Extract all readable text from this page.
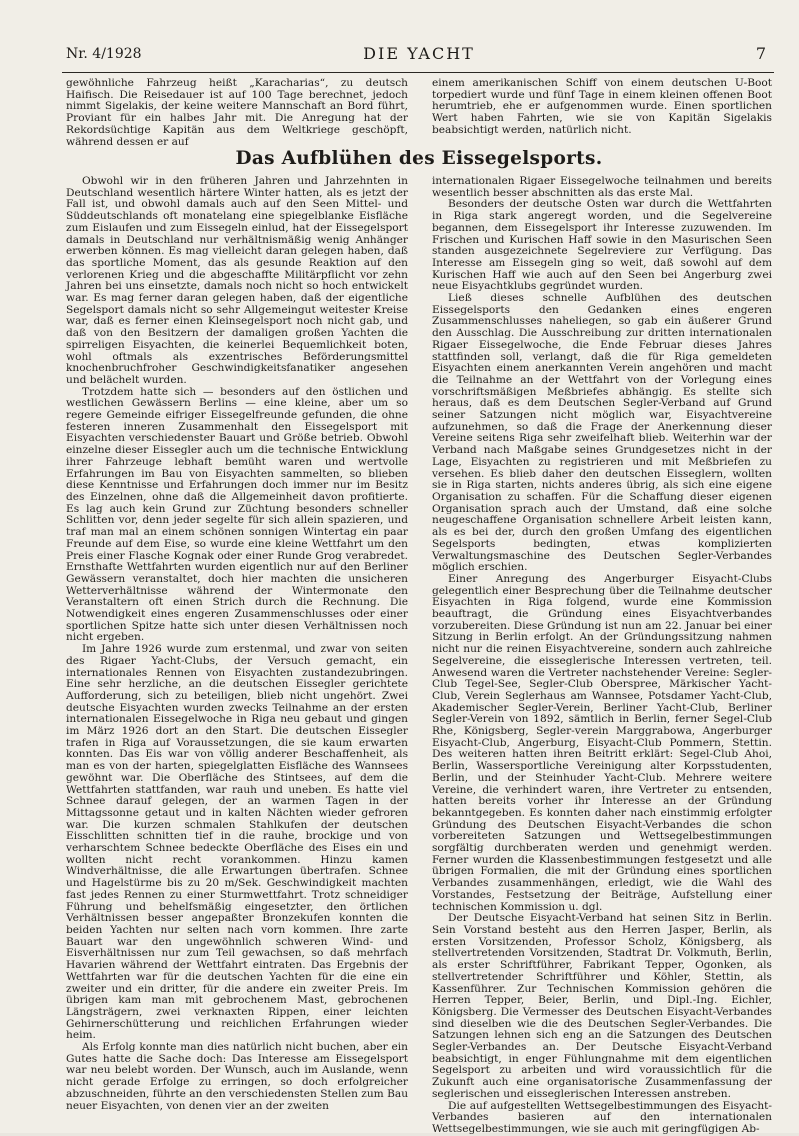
Nr. 4/1928	DIE YACHT	7

gewöhnliche Fahrzeug heißt „Karacharias“, zu deutsch Haifisch. Die Reisedauer ist auf 100 Tage berechnet, jedoch nimmt Sigelakis, der keine weitere Mannschaft an Bord führt, Proviant für ein halbes Jahr mit. Die Anregung hat der Rekordsüchtige Kapitän aus dem Weltkriege geschöpft, während dessen er auf

einem amerikanischen Schiff von einem deutschen U-Boot torpediert wurde und fünf Tage in einem kleinen offenen Boot herumtrieb, ehe er aufgenommen wurde. Einen sportlichen Wert haben Fahrten, wie sie von Kapitän Sigelakis beabsichtigt werden, natürlich nicht.

Das Aufblühen des Eissegelsports.

Obwohl wir in den früheren Jahren und Jahrzehnten in Deutschland wesentlich härtere Winter hatten, als es jetzt der Fall ist, und obwohl damals auch auf den Seen Mittel- und Süddeutschlands oft monatelang eine spiegelblanke Eisfläche zum Eislaufen und zum Eissegeln einlud, hat der Eissegelsport damals in Deutschland nur verhältnismäßig wenig Anhänger erwerben können. Es mag vielleicht daran gelegen haben, daß das sportliche Moment, das als gesunde Reaktion auf den verlorenen Krieg und die abgeschaffte Militärpflicht vor zehn Jahren bei uns einsetzte, damals noch nicht so hoch entwickelt war. Es mag ferner daran gelegen haben, daß der eigentliche Segelsport damals nicht so sehr Allgemeingut weitester Kreise war, daß es ferner einen Kleinsegelsport noch nicht gab, und daß von den Besitzern der damaligen großen Yachten die spirreligen Eisyachten, die keinerlei Bequemlichkeit boten, wohl oftmals als exzentrisches Beförderungsmittel knochenbruchfroher Geschwindigkeitsfanatiker angesehen und belächelt wurden.

Trotzdem hatte sich — besonders auf den östlichen und westlichen Gewässern Berlins — eine kleine, aber um so regere Gemeinde eifriger Eissegelfreunde gefunden, die ohne festeren inneren Zusammenhalt den Eissegelsport mit Eisyachten verschiedenster Bauart und Größe betrieb. Obwohl einzelne dieser Eissegler auch um die technische Entwicklung ihrer Fahrzeuge lebhaft bemüht waren und wertvolle Erfahrungen im Bau von Eisyachten sammelten, so blieben diese Kenntnisse und Erfahrungen doch immer nur im Besitz des Einzelnen, ohne daß die Allgemeinheit davon profitierte. Es lag auch kein Grund zur Züchtung besonders schneller Schlitten vor, denn jeder segelte für sich allein spazieren, und traf man mal an einem schönen sonnigen Wintertag ein paar Freunde auf dem Eise, so wurde eine kleine Wettfahrt um den Preis einer Flasche Kognak oder einer Runde Grog verabredet. Ernsthafte Wettfahrten wurden eigentlich nur auf den Berliner Gewässern veranstaltet, doch hier machten die unsicheren Wetterverhältnisse während der Wintermonate den Veranstaltern oft einen Strich durch die Rechnung. Die Notwendigkeit eines engeren Zusammenschlusses oder einer sportlichen Spitze hatte sich unter diesen Verhältnissen noch nicht ergeben.

Im Jahre 1926 wurde zum erstenmal, und zwar von seiten des Rigaer Yacht-Clubs, der Versuch gemacht, ein internationales Rennen von Eisyachten zustandezubringen. Eine sehr herzliche, an die deutschen Eissegler gerichtete Aufforderung, sich zu beteiligen, blieb nicht ungehört. Zwei deutsche Eisyachten wurden zwecks Teilnahme an der ersten internationalen Eissegelwoche in Riga neu gebaut und gingen im März 1926 dort an den Start. Die deutschen Eissegler trafen in Riga auf Voraussetzungen, die sie kaum erwarten konnten. Das Eis war von völlig anderer Beschaffenheit, als man es von der harten, spiegelglatten Eisfläche des Wannsees gewöhnt war. Die Oberfläche des Stintsees, auf dem die Wettfahrten stattfanden, war rauh und uneben. Es hatte viel Schnee darauf gelegen, der an warmen Tagen in der Mittagssonne getaut und in kalten Nächten wieder gefroren war. Die kurzen schmalen Stahlkufen der deutschen Eisschlitten schnitten tief in die rauhe, brockige und von verharschtem Schnee bedeckte Oberfläche des Eises ein und wollten nicht recht vorankommen. Hinzu kamen Windverhältnisse, die alle Erwartungen übertrafen. Schnee und Hagelstürme bis zu 20 m/Sek. Geschwindigkeit machten fast jedes Rennen zu einer Sturmwettfahrt. Trotz schneidiger Führung und behelfsmäßig eingesetzter, den örtlichen Verhältnissen besser angepaßter Bronzekufen konnten die beiden Yachten nur selten nach vorn kommen. Ihre zarte Bauart war den ungewöhnlich schweren Wind- und Eisverhältnissen nur zum Teil gewachsen, so daß mehrfach Havarien während der Wettfahrt eintraten. Das Ergebnis der Wettfahrten war für die deutschen Yachten für die eine ein zweiter und ein dritter, für die andere ein zweiter Preis. Im übrigen kam man mit gebrochenem Mast, gebrochenen Längsträgern, zwei verknaxten Rippen, einer leichten Gehirnerschütterung und reichlichen Erfahrungen wieder heim.

Als Erfolg konnte man dies natürlich nicht buchen, aber ein Gutes hatte die Sache doch: Das Interesse am Eissegelsport war neu belebt worden. Der Wunsch, auch im Auslande, wenn nicht gerade Erfolge zu erringen, so doch erfolgreicher abzuschneiden, führte an den verschiedensten Stellen zum Bau neuer Eisyachten, von denen vier an der zweiten

internationalen Rigaer Eissegelwoche teilnahmen und bereits wesentlich besser abschnitten als das erste Mal.

Besonders der deutsche Osten war durch die Wettfahrten in Riga stark angeregt worden, und die Segelvereine begannen, dem Eissegelsport ihr Interesse zuzuwenden. Im Frischen und Kurischen Haff sowie in den Masurischen Seen standen ausgezeichnete Segelreviere zur Verfügung. Das Interesse am Eissegeln ging so weit, daß sowohl auf dem Kurischen Haff wie auch auf den Seen bei Angerburg zwei neue Eisyachtklubs gegründet wurden.

Ließ dieses schnelle Aufblühen des deutschen Eissegelsports den Gedanken eines engeren Zusammenschlusses naheliegen, so gab ein äußerer Grund den Ausschlag. Die Ausschreibung zur dritten internationalen Rigaer Eissegelwoche, die Ende Februar dieses Jahres stattfinden soll, verlangt, daß die für Riga gemeldeten Eisyachten einem anerkannten Verein angehören und macht die Teilnahme an der Wettfahrt von der Vorlegung eines vorschriftsmäßigen Meßbriefes abhängig. Es stellte sich heraus, daß es dem Deutschen Segler-Verband auf Grund seiner Satzungen nicht möglich war, Eisyachtvereine aufzunehmen, so daß die Frage der Anerkennung dieser Vereine seitens Riga sehr zweifelhaft blieb. Weiterhin war der Verband nach Maßgabe seines Grundgesetzes nicht in der Lage, Eisyachten zu registrieren und mit Meßbriefen zu versehen. Es blieb daher den deutschen Eisseglern, wollten sie in Riga starten, nichts anderes übrig, als sich eine eigene Organisation zu schaffen. Für die Schaffung dieser eigenen Organisation sprach auch der Umstand, daß eine solche neugeschaffene Organisation schnellere Arbeit leisten kann, als es bei der, durch den großen Umfang des eigentlichen Segelsports bedingten, etwas komplizierten Verwaltungsmaschine des Deutschen Segler-Verbandes möglich erschien.

Einer Anregung des Angerburger Eisyacht-Clubs gelegentlich einer Besprechung über die Teilnahme deutscher Eisyachten in Riga folgend, wurde eine Kommission beauftragt, die Gründung eines Eisyachtverbandes vorzubereiten. Diese Gründung ist nun am 22. Januar bei einer Sitzung in Berlin erfolgt. An der Gründungssitzung nahmen nicht nur die reinen Eisyachtvereine, sondern auch zahlreiche Segelvereine, die eisseglerische Interessen vertreten, teil. Anwesend waren die Vertreter nachstehender Vereine: Segler-Club Tegel-See, Segler-Club Oberspree, Märkischer Yacht-Club, Verein Seglerhaus am Wannsee, Potsdamer Yacht-Club, Akademischer Segler-Verein, Berliner Yacht-Club, Berliner Segler-Verein von 1892, sämtlich in Berlin, ferner Segel-Club Rhe, Königsberg, Segler-verein Marggrabowa, Angerburger Eisyacht-Club, Angerburg, Eisyacht-Club Pommern, Stettin. Des weiteren hatten ihren Beitritt erklärt: Segel-Club Ahoi, Berlin, Wassersportliche Vereinigung alter Korpsstudenten, Berlin, und der Steinhuder Yacht-Club. Mehrere weitere Vereine, die verhindert waren, ihre Vertreter zu entsenden, hatten bereits vorher ihr Interesse an der Gründung bekanntgegeben. Es konnten daher nach einstimmig erfolgter Gründung des Deutschen Eisyacht-Verbandes die schon vorbereiteten Satzungen und Wettsegelbestimmungen sorgfältig durchberaten werden und genehmigt werden. Ferner wurden die Klassenbestimmungen festgesetzt und alle übrigen Formalien, die mit der Gründung eines sportlichen Verbandes zusammenhängen, erledigt, wie die Wahl des Vorstandes, Festsetzung der Beiträge, Aufstellung einer technischen Kommission u. dgl.

Der Deutsche Eisyacht-Verband hat seinen Sitz in Berlin. Sein Vorstand besteht aus den Herren Jasper, Berlin, als ersten Vorsitzenden, Professor Scholz, Königsberg, als stellvertretenden Vorsitzenden, Stadtrat Dr. Volkmuth, Berlin, als erster Schriftführer, Fabrikant Tepper, Ogonken, als stellvertretender Schriftführer und Köhler, Stettin, als Kassenführer. Zur Technischen Kommission gehören die Herren Tepper, Beier, Berlin, und Dipl.-Ing. Eichler, Königsberg. Die Vermesser des Deutschen Eisyacht-Verbandes sind dieselben wie die des Deutschen Segler-Verbandes. Die Satzungen lehnen sich eng an die Satzungen des Deutschen Segler-Verbandes an. Der Deutsche Eisyacht-Verband beabsichtigt, in enger Fühlungnahme mit dem eigentlichen Segelsport zu arbeiten und wird voraussichtlich für die Zukunft auch eine organisatorische Zusammenfassung der seglerischen und eisseglerischen Interessen anstreben.

Die auf aufgestellten Wettsegelbestimmungen des Eisyacht-Verbandes basieren auf den internationalen Wettsegelbestimmungen, wie sie auch mit geringfügigen Ab-
